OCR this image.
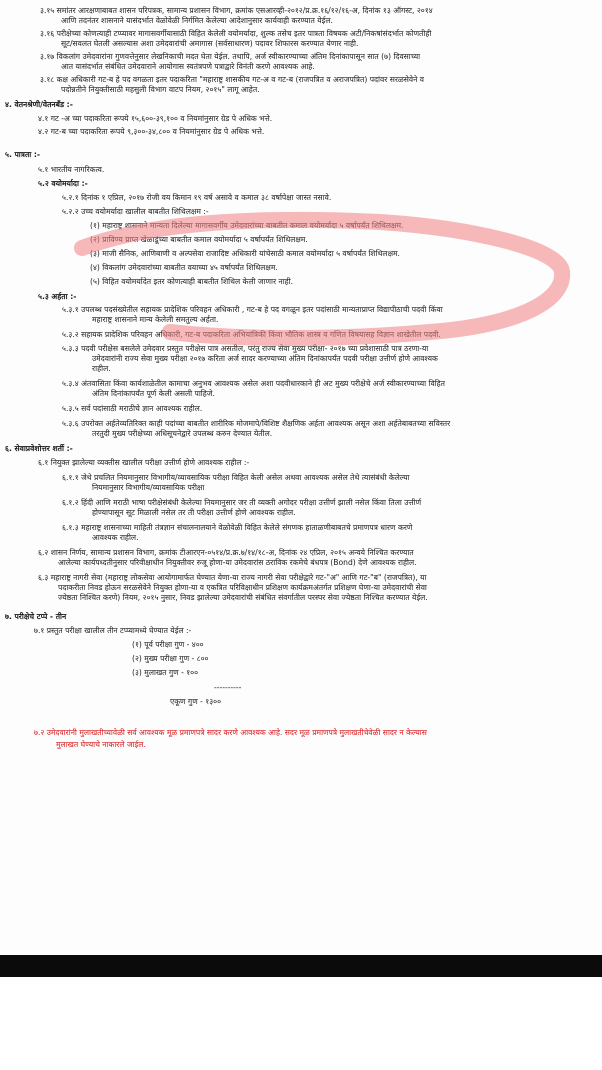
३.१५ समांतर आरक्षणाबाबत शासन परिपत्रक, सामान्य प्रशासन विभाग, क्रमांक एसआरव्ही-२०१२/प्र.क्र.१६/१२/१६-अ, दिनांक १३ ऑगस्ट, २०१४
आणि तदनंतर शासनाने यासंदर्भात वेळोवेळी निर्गमित केलेल्या आदेशानुसार कार्यवाही करण्यात येईल.
३.१६ परीक्षेच्या कोणत्याही टप्प्यावर मागासवर्गीयासाठी विहित केलेली वयोमर्यादा, शुल्क तसेच इतर पात्रता विषयक अटी/निकषांसंदर्भात कोणतीही
सूट/सवलत घेतली असल्यास अशा उमेदवारांची अमागास (सर्वसाधारण) पदावर शिफारस करण्यात येणार नाही.
३.१७ विकलांग उमेदवारांना गुणवत्तेनुसार लेखनिकाची मदत घेता येईल. तथापि, अर्ज स्वीकारण्याच्या अंतिम दिनांकापासून सात (७) दिवसाच्या
आत यासंदर्भात संबंधित उमेदवाराने आयोगास स्वतंत्रपणे पत्राद्वारे विनंती करणे आवश्यक आहे.
३.१८ कक्ष अधिकारी गट-ब हे पद वगळता इतर पदाकरिता "महाराष्ट्र शासकीय गट-अ व गट-ब (राजपत्रित व अराजपत्रित) पदांवर सरळसेवेने व
पदोन्नतीने नियुक्तीसाठी महसुली विभाग वाटप नियम, २०१५" लागू आहेत.
४. वेतनश्रेणी/वेतनबँड :-
४.१ गट -अ च्या पदाकरिता रूपये १५,६००-३९,१०० व नियमांनुसार ग्रेड पे अधिक भत्ते.
४.२ गट-ब च्या पदाकरिता रूपये ९,३००-३४,८०० व नियमांनुसार ग्रेड पे अधिक भत्ते.
५. पात्रता :-
५.१ भारतीय नागरिकत्व.
५.२ वयोमर्यादा :-
५.२.१ दिनांक १ एप्रिल, २०१७ रोजी वय किमान १९ वर्ष असावे व कमाल ३८ वर्षापेक्षा जास्त नसावे.
५.२.२ उच्च वयोमर्यादा खालील बाबतीत शिथिलक्षम :-
(१) महाराष्ट्र शासनाने मान्यता दिलेल्या मागासवर्गीय उमेदवारांच्या बाबतीत कमाल वयोमर्यादा ५ वर्षापर्यंत शिथिलक्षम.
(२) प्राविण्य प्राप्त खेळाडूंच्या बाबतीत कमाल वयोमर्यादा ५ वर्षापर्यंत शिथिलक्षम.
(३) माजी सैनिक, आणिबाणी व अल्पसेवा राजादिष्ट अधिकारी यांचेसाठी कमाल वयोमर्यादा ५ वर्षापर्यंत शिथिलक्षम.
(४) विकलांग उमेदवारांच्या बाबतीत वयाच्या ४५ वर्षापर्यंत शिथिलक्षम.
(५) विहित वयोमर्यादेत इतर कोणत्याही बाबतीत शिथिल केली जाणार नाही.
५.३ अर्हता :-
५.३.१ उपलब्ध पदसंख्येतील सहायक प्रादेशिक परिवहन अधिकारी , गट-ब हे पद वगळून इतर पदांसाठी मान्यताप्राप्त विद्यापीठाची पदवी किंवा
महाराष्ट्र शासनाने मान्य केलेली समतुल्य अर्हता.
५.३.२ सहायक प्रादेशिक परिवहन अधिकारी, गट-ब पदाकरिता अभियांत्रिकी किंवा भौतिक शास्त्र व गणित विषयासह विज्ञान शाखेतील पदवी.
५.३.३ पदवी परीक्षेस बसलेले उमेदवार प्रस्तुत परीक्षेस पात्र असतील, परंतु राज्य सेवा मुख्य परीक्षा- २०१७ च्या प्रवेशासाठी पात्र ठरणा-या
उमेदवारांनी राज्य सेवा मुख्य परीक्षा २०१७ करिता अर्ज सादर करण्याच्या अंतिम दिनांकापर्यंत पदवी परीक्षा उत्तीर्ण होणे आवश्यक
राहील.
५.३.४ अंतवासिता किंवा कार्यशाळेतील कामाचा अनुभव आवश्यक असेल अशा पदवीधारकाने ही अट मुख्य परीक्षेचे अर्ज स्वीकारण्याच्या विहित
अंतिम दिनांकापर्यंत पूर्ण केली असली पाहिजे.
५.३.५ सर्व पदांसाठी मराठीचे ज्ञान आवश्यक राहील.
५.३.६ उपरोक्त अर्हतेव्यतिरिक्त काही पदांच्या बाबतीत शारीरिक मोजमापे/विशिष्ट शैक्षणिक अर्हता आवश्यक असून अशा अर्हतेबाबतच्या सविस्तर
तरतुदी मुख्य परीक्षेच्या अधिसूचनेद्वारे उपलब्ध करुन देण्यात येतील.
६. सेवाप्रवेशोत्तर शर्ती :-
६.१ नियुक्त झालेल्या व्यक्तीस खालील परीक्षा उत्तीर्ण होणे आवश्यक राहील :-
६.१.१ जेथे प्रचलित नियमानुसार विभागीय/व्यावसायिक परीक्षा विहित केली असेल अथवा आवश्यक असेल तेथे त्यासंबंधी केलेल्या
नियमानुसार विभागीय/व्यावसायिक परीक्षा
६.१.२ हिंदी आणि मराठी भाषा परीक्षेसंबंधी केलेल्या नियमानुसार जर ती व्यक्ती अगोदर परीक्षा उत्तीर्ण झाली नसेल किंवा तिला उत्तीर्ण
होण्यापासून सूट मिळाली नसेल तर ती परीक्षा उत्तीर्ण होणे आवश्यक राहील.
६.१.३ महाराष्ट्र शासनाच्या माहिती तंत्रज्ञान संचालनालयाने वेळोवेळी विहित केलेले संगणक हाताळणीबाबतचे प्रमाणपत्र धारण करणे
आवश्यक राहील.
६.२ शासन निर्णय, सामान्य प्रशासन विभाग, क्रमांक टीआरएन-०५१४/प्र.क्र.७/१४/१८-अ, दिनांक २४ एप्रिल, २०१५ अन्वये निश्चित करण्यात
आलेल्या कार्यपध्दतीनुसार परिवीक्षाधीन नियुक्तीवर रुजू होणा-या उमेदवारांस ठराविक रकमेचे बंधपत्र (Bond) देणे आवश्यक राहील.
६.३ महाराष्ट्र नागरी सेवा (महाराष्ट्र लोकसेवा आयोगामार्फत घेण्यात येणा-या राज्य नागरी सेवा परीक्षेद्वारे गट-"अ" आणि गट-"ब" (राजपत्रित), या
पदाकरीता निवड होऊन सरळसेवेने नियुक्त होणा-या व एकत्रित परिविक्षाधीन प्रशिक्षण कार्यक्रमअंतर्गत प्रशिक्षण घेणा-या उमेदवारांची सेवा
ज्येष्ठता निश्चित करणे) नियम, २०१५ नुसार, निवड झालेल्या उमेदवारांची संबंधित संवर्गातील परस्पर सेवा ज्येष्ठता निश्चित करण्यात येईल.
७. परीक्षेचे टप्पे - तीन
७.१ प्रस्तुत परीक्षा खालील तीन टप्प्यामध्ये घेण्यात येईल :-
(१) पूर्व परीक्षा गुण - ४००
(२) मुख्य परीक्षा गुण - ८००
(३) मुलाखत गुण - १००
----------
एकूण गुण - १३००
७.२ उमेदवारांनी मुलाखतीच्यावेळी सर्व आवश्यक मूळ प्रमाणपत्रे सादर करणे आवश्यक आहे. सदर मूळ प्रमाणपत्रे मुलाखतीचेवेळी सादर न केल्यास
मुलाखत घेण्याचे नाकारले जाईल.
